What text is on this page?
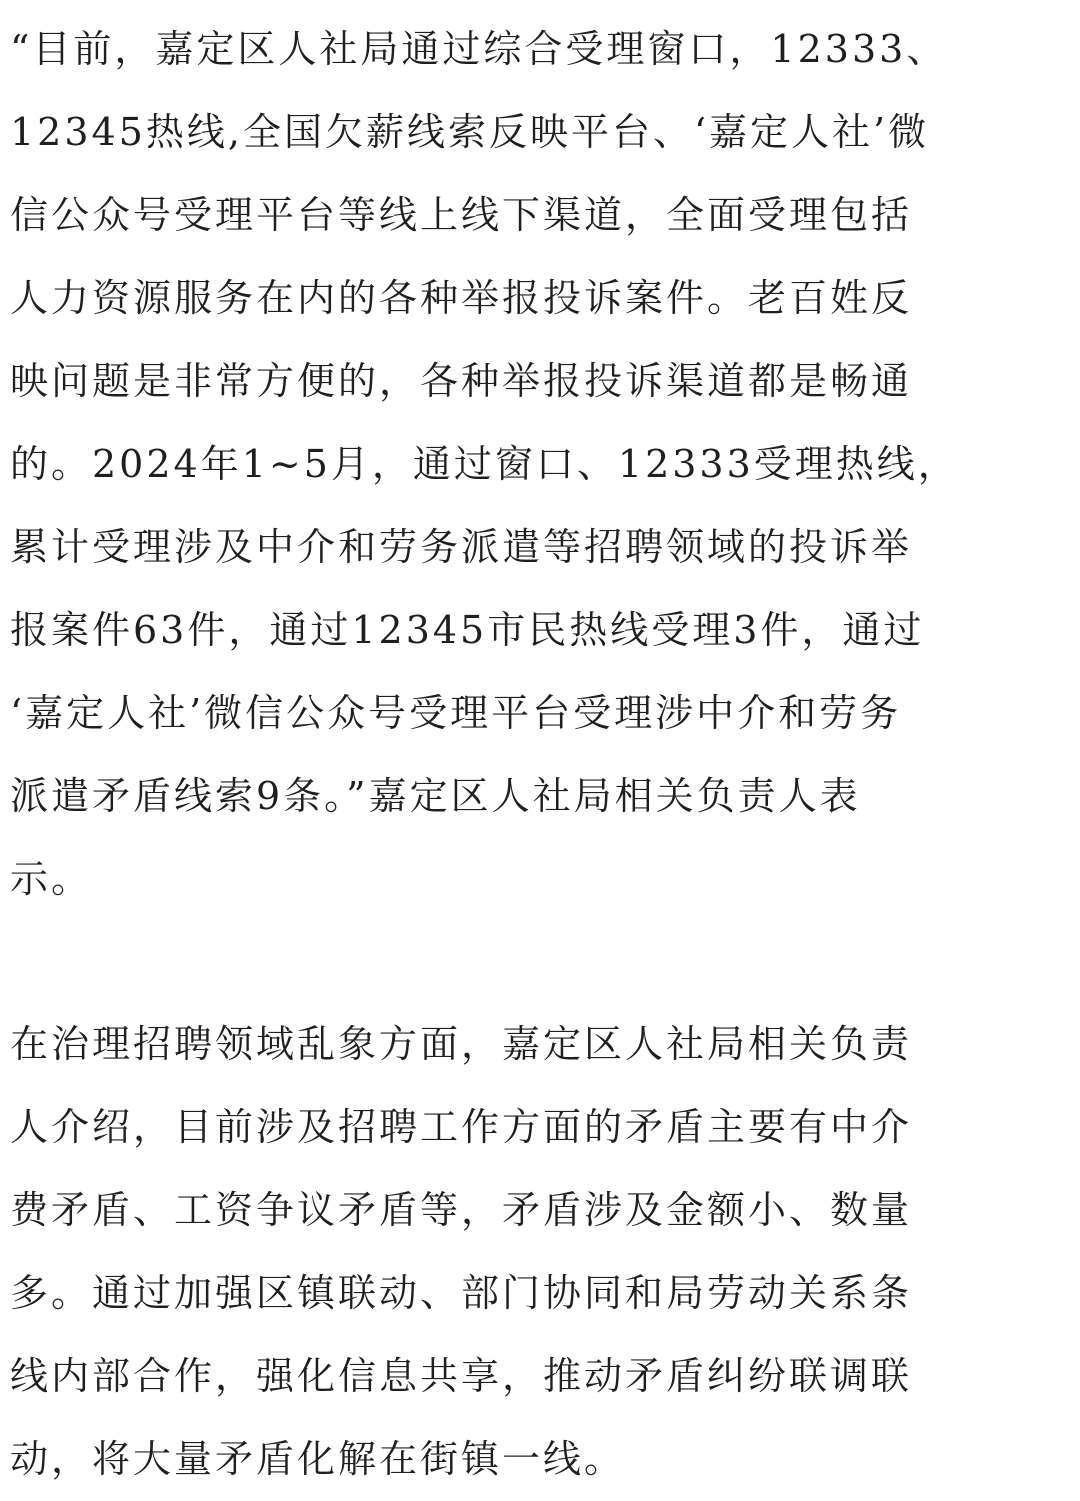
“目前，嘉定区人社局通过综合受理窗口，12333、
12345热线,全国欠薪线索反映平台、‘嘉定人社’微
信公众号受理平台等线上线下渠道，全面受理包括
人力资源服务在内的各种举报投诉案件。老百姓反
映问题是非常方便的，各种举报投诉渠道都是畅通
的。2024年1~5月，通过窗口、12333受理热线，
累计受理涉及中介和劳务派遣等招聘领域的投诉举
报案件63件，通过12345市民热线受理3件，通过
‘嘉定人社’微信公众号受理平台受理涉中介和劳务
派遣矛盾线索9条。”嘉定区人社局相关负责人表
示。
在治理招聘领域乱象方面，嘉定区人社局相关负责
人介绍，目前涉及招聘工作方面的矛盾主要有中介
费矛盾、工资争议矛盾等，矛盾涉及金额小、数量
多。通过加强区镇联动、部门协同和局劳动关系条
线内部合作，强化信息共享，推动矛盾纠纷联调联
动，将大量矛盾化解在街镇一线。
